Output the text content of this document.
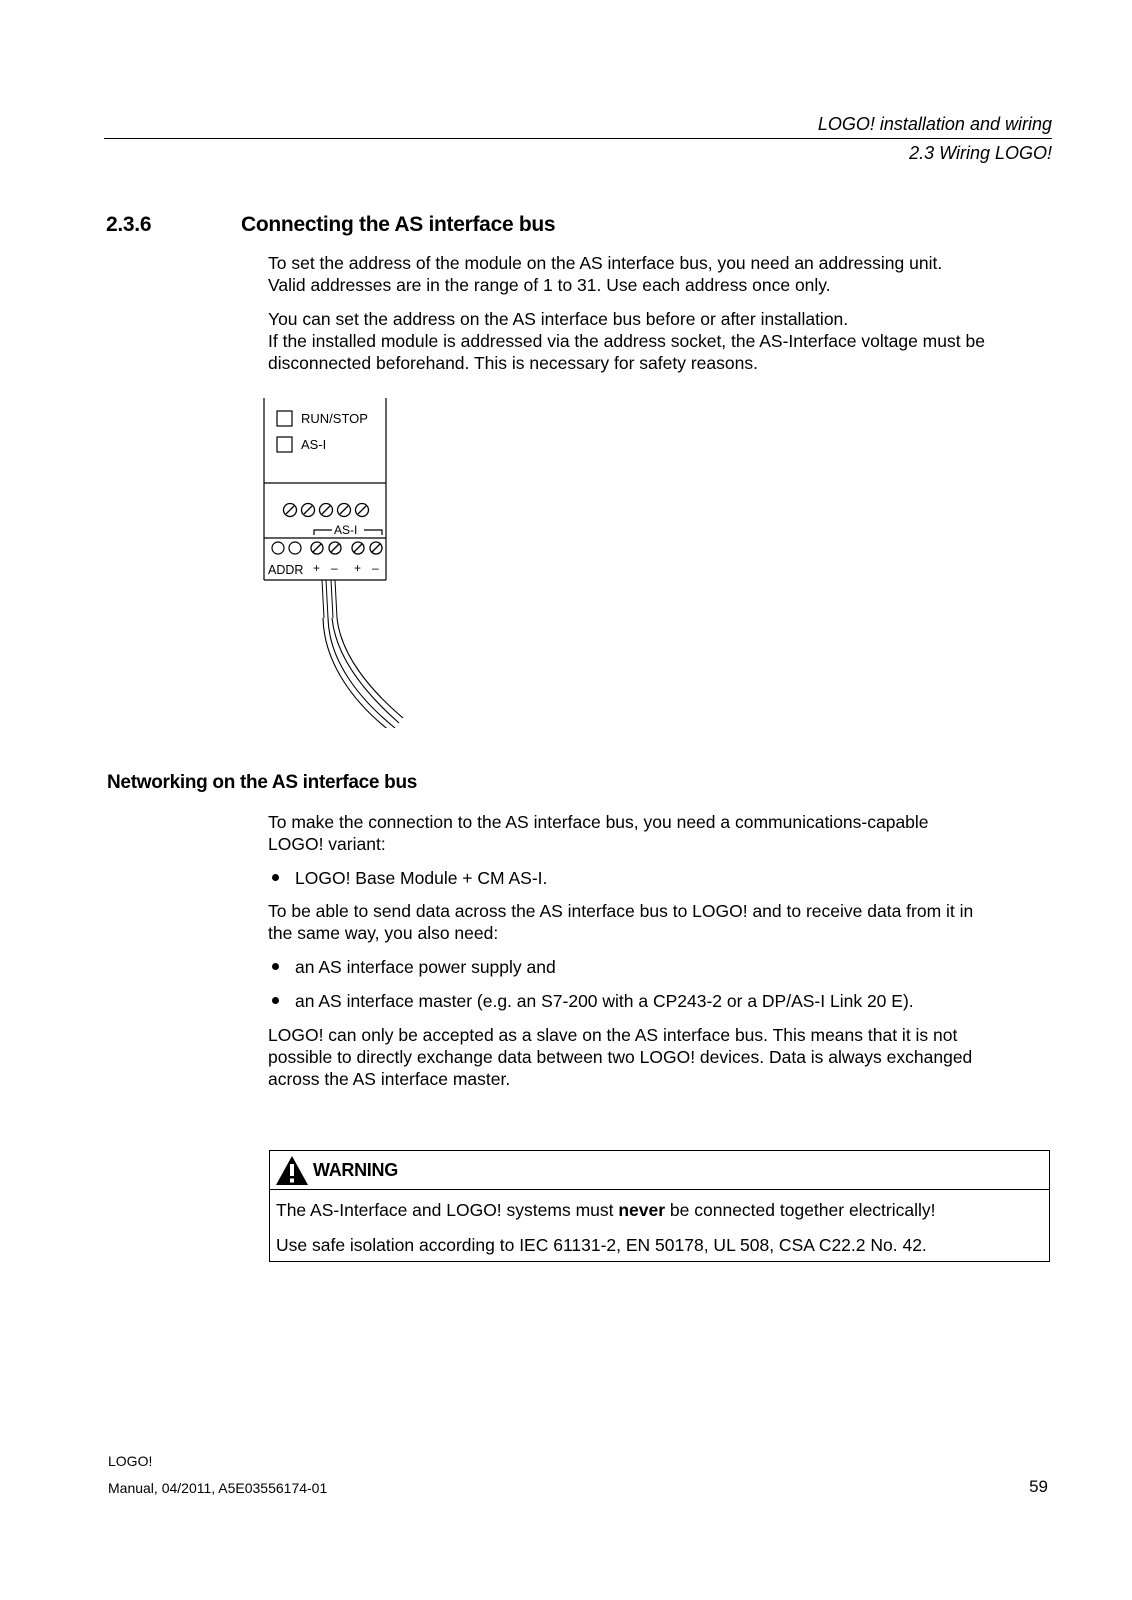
LOGO! installation and wiring
2.3 Wiring LOGO!
2.3.6	Connecting the AS interface bus

To set the address of the module on the AS interface bus, you need an addressing unit.

Valid addresses are in the range of 1 to 31. Use each address once only.

You can set the address on the AS interface bus before or after installation.

If the installed module is addressed via the address socket, the AS-Interface voltage must be

disconnected beforehand. This is necessary for safety reasons.

RUN/STOP
AS-I
AS-I
ADDR + – + –
Networking on the AS interface bus

To make the connection to the AS interface bus, you need a communications-capable

LOGO! variant:

LOGO! Base Module + CM AS-I.

To be able to send data across the AS interface bus to LOGO! and to receive data from it in

the same way, you also need:

an AS interface power supply and
an AS interface master (e.g. an S7-200 with a CP243-2 or a DP/AS-I Link 20 E).

LOGO! can only be accepted as a slave on the AS interface bus. This means that it is not

possible to directly exchange data between two LOGO! devices. Data is always exchanged

across the AS interface master.

WARNING
The AS-Interface and LOGO! systems must never be connected together electrically!
Use safe isolation according to IEC 61131-2, EN 50178, UL 508, CSA C22.2 No. 42.
LOGO!
Manual, 04/2011, A5E03556174-01	59
